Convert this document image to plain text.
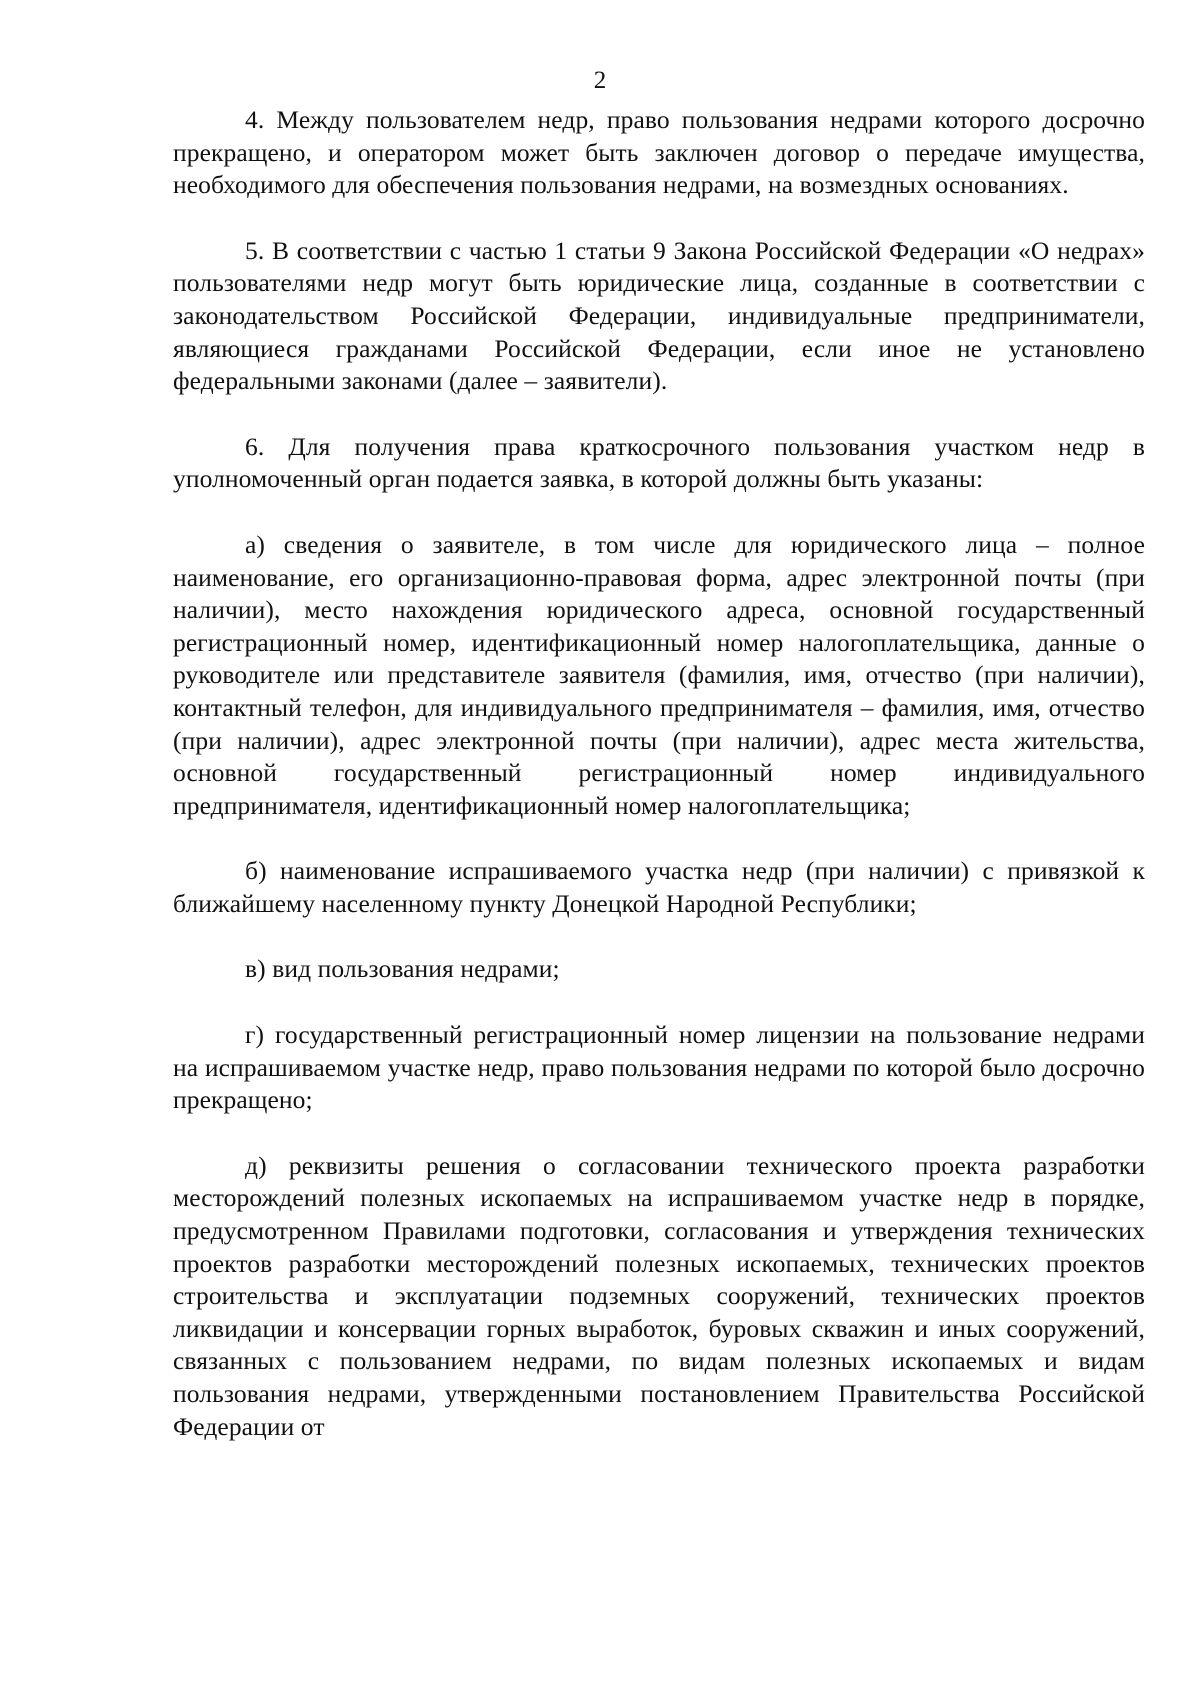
2

4. Между пользователем недр, право пользования недрами которого досрочно прекращено, и оператором может быть заключен договор о передаче имущества, необходимого для обеспечения пользования недрами, на возмездных основаниях.

5. В соответствии с частью 1 статьи 9 Закона Российской Федерации «О недрах» пользователями недр могут быть юридические лица, созданные в соответствии с законодательством Российской Федерации, индивидуальные предприниматели, являющиеся гражданами Российской Федерации, если иное не установлено федеральными законами (далее – заявители).

6. Для получения права краткосрочного пользования участком недр в уполномоченный орган подается заявка, в которой должны быть указаны:

а) сведения о заявителе, в том числе для юридического лица – полное наименование, его организационно-правовая форма, адрес электронной почты (при наличии), место нахождения юридического адреса, основной государственный регистрационный номер, идентификационный номер налогоплательщика, данные о руководителе или представителе заявителя (фамилия, имя, отчество (при наличии), контактный телефон, для индивидуального предпринимателя – фамилия, имя, отчество (при наличии), адрес электронной почты (при наличии), адрес места жительства, основной государственный регистрационный номер индивидуального предпринимателя, идентификационный номер налогоплательщика;

б) наименование испрашиваемого участка недр (при наличии) с привязкой к ближайшему населенному пункту Донецкой Народной Республики;

в) вид пользования недрами;

г) государственный регистрационный номер лицензии на пользование недрами на испрашиваемом участке недр, право пользования недрами по которой было досрочно прекращено;

д) реквизиты решения о согласовании технического проекта разработки месторождений полезных ископаемых на испрашиваемом участке недр в порядке, предусмотренном Правилами подготовки, согласования и утверждения технических проектов разработки месторождений полезных ископаемых, технических проектов строительства и эксплуатации подземных сооружений, технических проектов ликвидации и консервации горных выработок, буровых скважин и иных сооружений, связанных с пользованием недрами, по видам полезных ископаемых и видам пользования недрами, утвержденными постановлением Правительства Российской Федерации от
